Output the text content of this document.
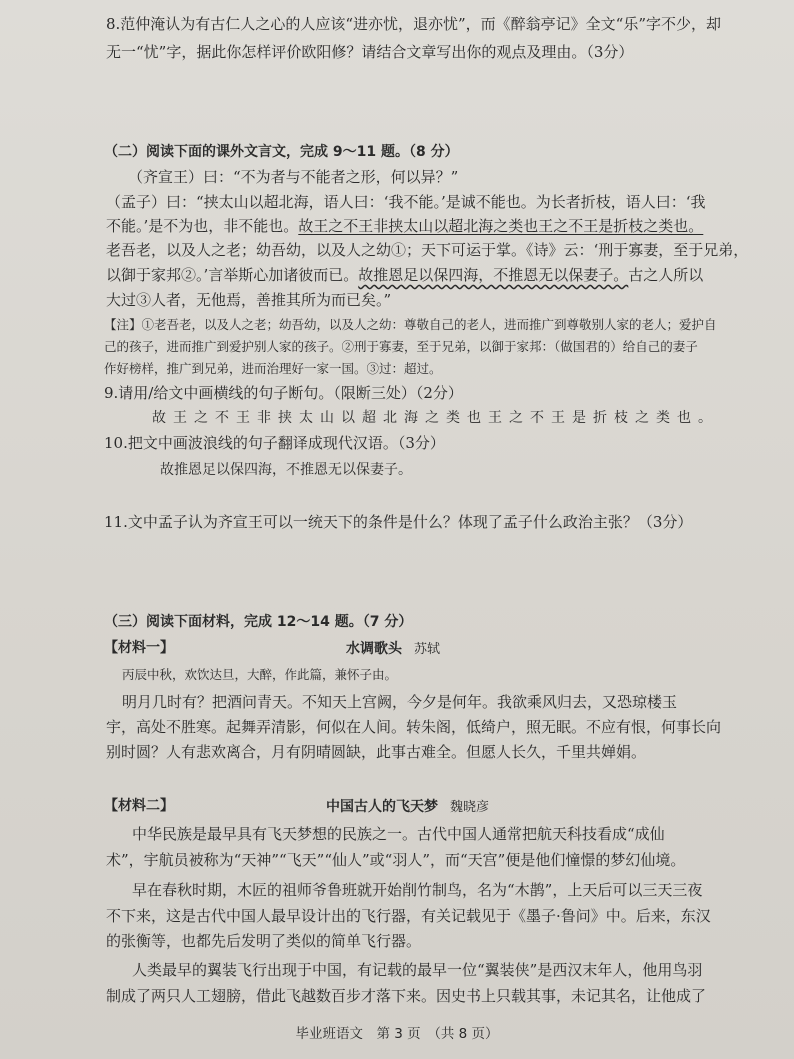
8.范仲淹认为有古仁人之心的人应该“进亦忧，退亦忧”，而《醉翁亭记》全文“乐”字不少，却
无一“忧”字，据此你怎样评价欧阳修？请结合文章写出你的观点及理由。（3分）
（二）阅读下面的课外文言文，完成 9～11 题。（8 分）
（齐宣王）曰：“不为者与不能者之形，何以异？”
（孟子）曰：“挟太山以超北海，语人曰：‘我不能。’是诚不能也。为长者折枝，语人曰：‘我
不能。’是不为也，非不能也。故王之不王非挟太山以超北海之类也王之不王是折枝之类也。
老吾老，以及人之老；幼吾幼，以及人之幼①；天下可运于掌。《诗》云：‘刑于寡妻，至于兄弟，
以御于家邦②。’言举斯心加诸彼而已。故推恩足以保四海，不推恩无以保妻子。古之人所以
大过③人者，无他焉，善推其所为而已矣。”
【注】①老吾老，以及人之老；幼吾幼，以及人之幼：尊敬自己的老人，进而推广到尊敬别人家的老人；爱护自
己的孩子，进而推广到爱护别人家的孩子。②刑于寡妻，至于兄弟，以御于家邦：（做国君的）给自己的妻子
作好榜样，推广到兄弟，进而治理好一家一国。③过：超过。
9.请用/给文中画横线的句子断句。（限断三处）（2分）
故王之不王非挟太山以超北海之类也王之不王是折枝之类也。
10.把文中画波浪线的句子翻译成现代汉语。（3分）
故推恩足以保四海，不推恩无以保妻子。
11.文中孟子认为齐宣王可以一统天下的条件是什么？体现了孟子什么政治主张？（3分）
（三）阅读下面材料，完成 12～14 题。（7 分）
【材料一】	水调歌头 苏轼
丙辰中秋，欢饮达旦，大醉，作此篇，兼怀子由。
明月几时有？把酒问青天。不知天上宫阙，今夕是何年。我欲乘风归去，又恐琼楼玉
宇，高处不胜寒。起舞弄清影，何似在人间。转朱阁，低绮户，照无眠。不应有恨，何事长向
别时圆？人有悲欢离合，月有阴晴圆缺，此事古难全。但愿人长久，千里共婵娟。
【材料二】	中国古人的飞天梦 魏晓彦
中华民族是最早具有飞天梦想的民族之一。古代中国人通常把航天科技看成“成仙
术”，宇航员被称为“天神”“飞天”“仙人”或“羽人”，而“天宫”便是他们憧憬的梦幻仙境。
早在春秋时期，木匠的祖师爷鲁班就开始削竹制鸟，名为“木鹊”，上天后可以三天三夜
不下来，这是古代中国人最早设计出的飞行器，有关记载见于《墨子·鲁问》中。后来，东汉
的张衡等，也都先后发明了类似的简单飞行器。
人类最早的翼装飞行出现于中国，有记载的最早一位“翼装侠”是西汉末年人，他用鸟羽
制成了两只人工翅膀，借此飞越数百步才落下来。因史书上只载其事，未记其名，让他成了
毕业班语文　第 3 页　（共 8 页）
